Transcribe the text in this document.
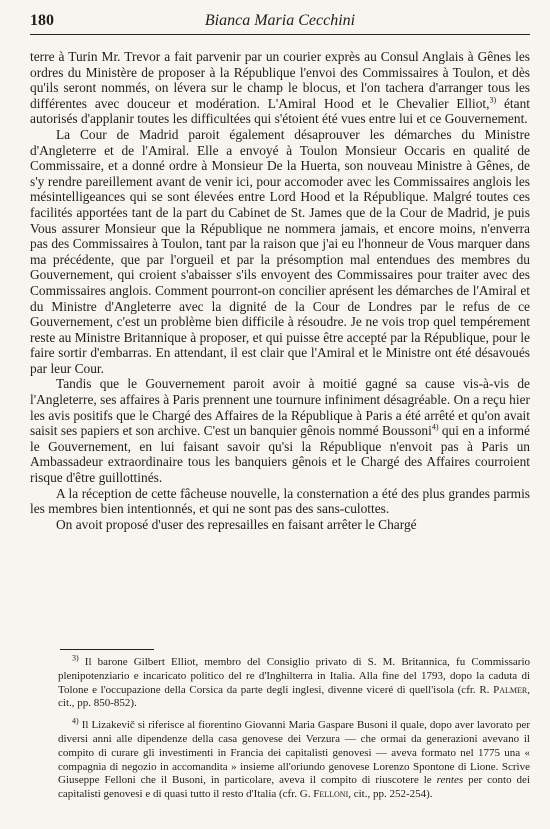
180	Bianca Maria Cecchini

terre à Turin Mr. Trevor a fait parvenir par un courier exprès au Consul Anglais à Gênes les ordres du Ministère de proposer à la République l'envoi des Commissaires à Toulon, et dès qu'ils seront nommés, on lévera sur le champ le blocus, et l'on tachera d'arranger tous les différentes avec douceur et modération. L'Amiral Hood et le Chevalier Elliot,$^{3)}$ étant autorisés d'applanir toutes les difficultées qui s'étoient été vues entre lui et ce Gouvernement.

La Cour de Madrid paroit également désaprouver les démarches du Ministre d'Angleterre et de l'Amiral. Elle a envoyé à Toulon Monsieur Occaris en qualité de Commissaire, et a donné ordre à Monsieur De la Huerta, son nouveau Ministre à Gênes, de s'y rendre pareillement avant de venir ici, pour accomoder avec les Commissaires anglois les mésintelligeances qui se sont élevées entre Lord Hood et la République. Malgré toutes ces facilités apportées tant de la part du Cabinet de St. James que de la Cour de Madrid, je puis Vous assurer Monsieur que la République ne nommera jamais, et encore moins, n'enverra pas des Commissaires à Toulon, tant par la raison que j'ai eu l'honneur de Vous marquer dans ma précédente, que par l'orgueil et par la présomption mal entendues des membres du Gouvernement, qui croient s'abaisser s'ils envoyent des Commissaires pour traiter avec des Commissaires anglois. Comment pourront-on concilier aprésent les démarches de l'Amiral et du Ministre d'Angleterre avec la dignité de la Cour de Londres par le refus de ce Gouvernement, c'est un problème bien difficile à résoudre. Je ne vois trop quel tempérement reste au Ministre Britannique à proposer, et qui puisse être accepté par la République, pour le faire sortir d'embarras. En attendant, il est clair que l'Amiral et le Ministre ont été désavoués par leur Cour.

Tandis que le Gouvernement paroit avoir à moitié gagné sa cause vis-à-vis de l'Angleterre, ses affaires à Paris prennent une tournure infiniment désagréable. On a reçu hier les avis positifs que le Chargé des Affaires de la République à Paris a été arrêté et qu'on avait saisit ses papiers et son archive. C'est un banquier gênois nommé Boussoni$^{4)}$ qui en a informé le Gouvernement, en lui faisant savoir qu'si la République n'envoit pas à Paris un Ambassadeur extraordinaire tous les banquiers gênois et le Chargé des Affaires courroient risque d'être guillottinés.

A la réception de cette fâcheuse nouvelle, la consternation a été des plus grandes parmis les membres bien intentionnés, et qui ne sont pas des sans-culottes.

On avoit proposé d'user des represailles en faisant arrêter le Chargé

$^{3)}$ Il barone Gilbert Elliot, membro del Consiglio privato di S. M. Britannica, fu Commissario plenipotenziario e incaricato politico del re d'Inghilterra in Italia. Alla fine del 1793, dopo la caduta di Tolone e l'occupazione della Corsica da parte degli inglesi, divenne viceré di quell'isola (cfr. R. Palmer, cit., pp. 850-852).

$^{4)}$ Il Lizakevič si riferisce al fiorentino Giovanni Maria Gaspare Busoni il quale, dopo aver lavorato per diversi anni alle dipendenze della casa genovese dei Verzura — che ormai da generazioni avevano il compito di curare gli investimenti in Francia dei capitalisti genovesi — aveva formato nel 1775 una « compagnia di negozio in accomandita » insieme all'oriundo genovese Lorenzo Spontone di Lione. Scrive Giuseppe Felloni che il Busoni, in particolare, aveva il compito di riuscotere le rentes per conto dei capitalisti genovesi e di quasi tutto il resto d'Italia (cfr. G. Felloni, cit., pp. 252-254).
